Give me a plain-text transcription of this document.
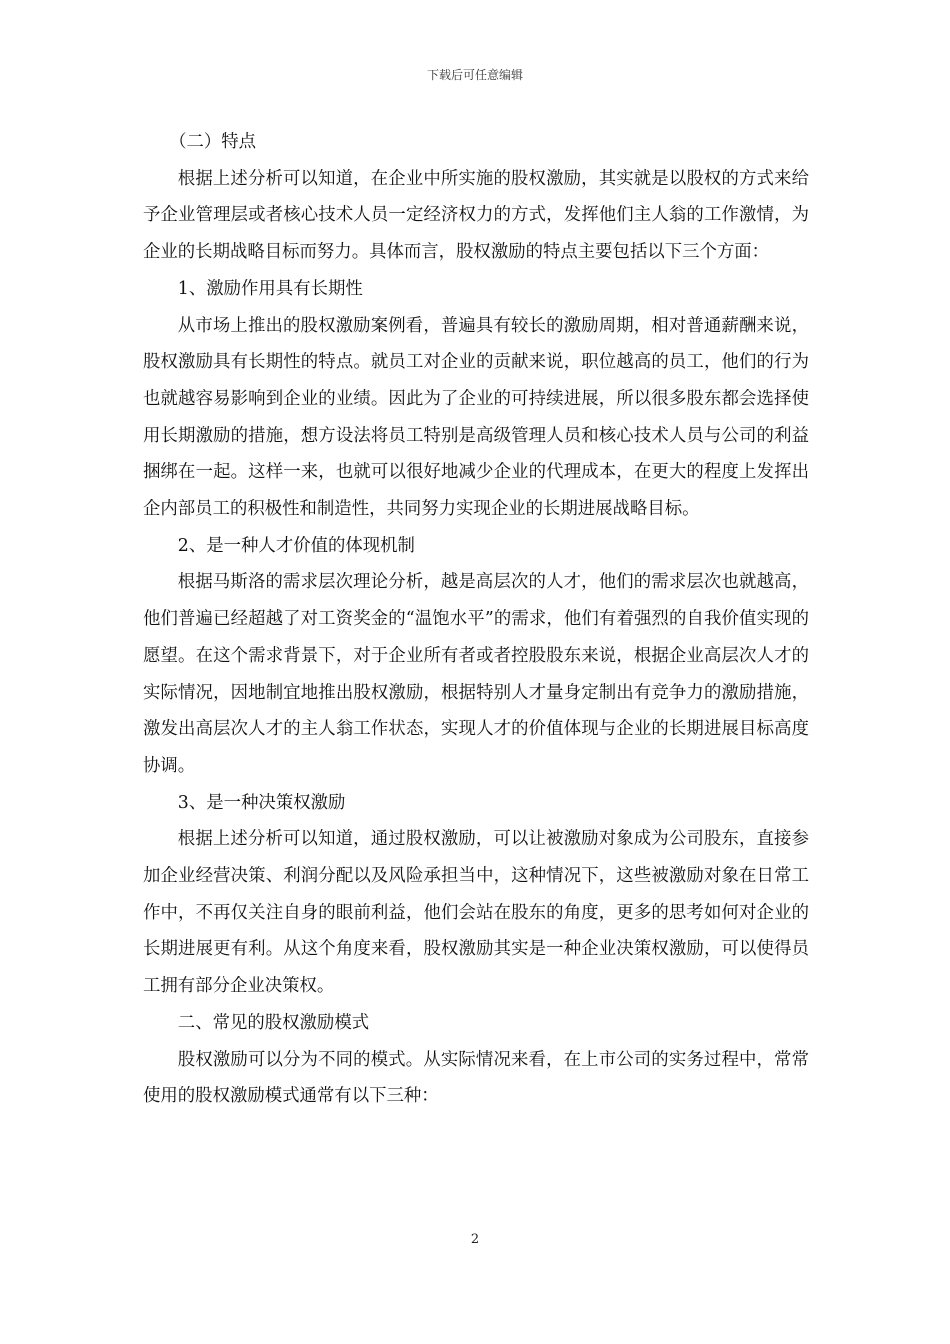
下载后可任意编辑

（二）特点

根据上述分析可以知道，在企业中所实施的股权激励，其实就是以股权的方式来给予企业管理层或者核心技术人员一定经济权力的方式，发挥他们主人翁的工作激情，为企业的长期战略目标而努力。具体而言，股权激励的特点主要包括以下三个方面：

1、激励作用具有长期性

从市场上推出的股权激励案例看，普遍具有较长的激励周期，相对普通薪酬来说，股权激励具有长期性的特点。就员工对企业的贡献来说，职位越高的员工，他们的行为也就越容易影响到企业的业绩。因此为了企业的可持续进展，所以很多股东都会选择使用长期激励的措施，想方设法将员工特别是高级管理人员和核心技术人员与公司的利益捆绑在一起。这样一来，也就可以很好地减少企业的代理成本，在更大的程度上发挥出企内部员工的积极性和制造性，共同努力实现企业的长期进展战略目标。

2、是一种人才价值的体现机制

根据马斯洛的需求层次理论分析，越是高层次的人才，他们的需求层次也就越高，他们普遍已经超越了对工资奖金的“温饱水平”的需求，他们有着强烈的自我价值实现的愿望。在这个需求背景下，对于企业所有者或者控股股东来说，根据企业高层次人才的实际情况，因地制宜地推出股权激励，根据特别人才量身定制出有竞争力的激励措施，激发出高层次人才的主人翁工作状态，实现人才的价值体现与企业的长期进展目标高度协调。

3、是一种决策权激励

根据上述分析可以知道，通过股权激励，可以让被激励对象成为公司股东，直接参加企业经营决策、利润分配以及风险承担当中，这种情况下，这些被激励对象在日常工作中，不再仅关注自身的眼前利益，他们会站在股东的角度，更多的思考如何对企业的长期进展更有利。从这个角度来看，股权激励其实是一种企业决策权激励，可以使得员工拥有部分企业决策权。

二、常见的股权激励模式

股权激励可以分为不同的模式。从实际情况来看，在上市公司的实务过程中，常常使用的股权激励模式通常有以下三种：

2
